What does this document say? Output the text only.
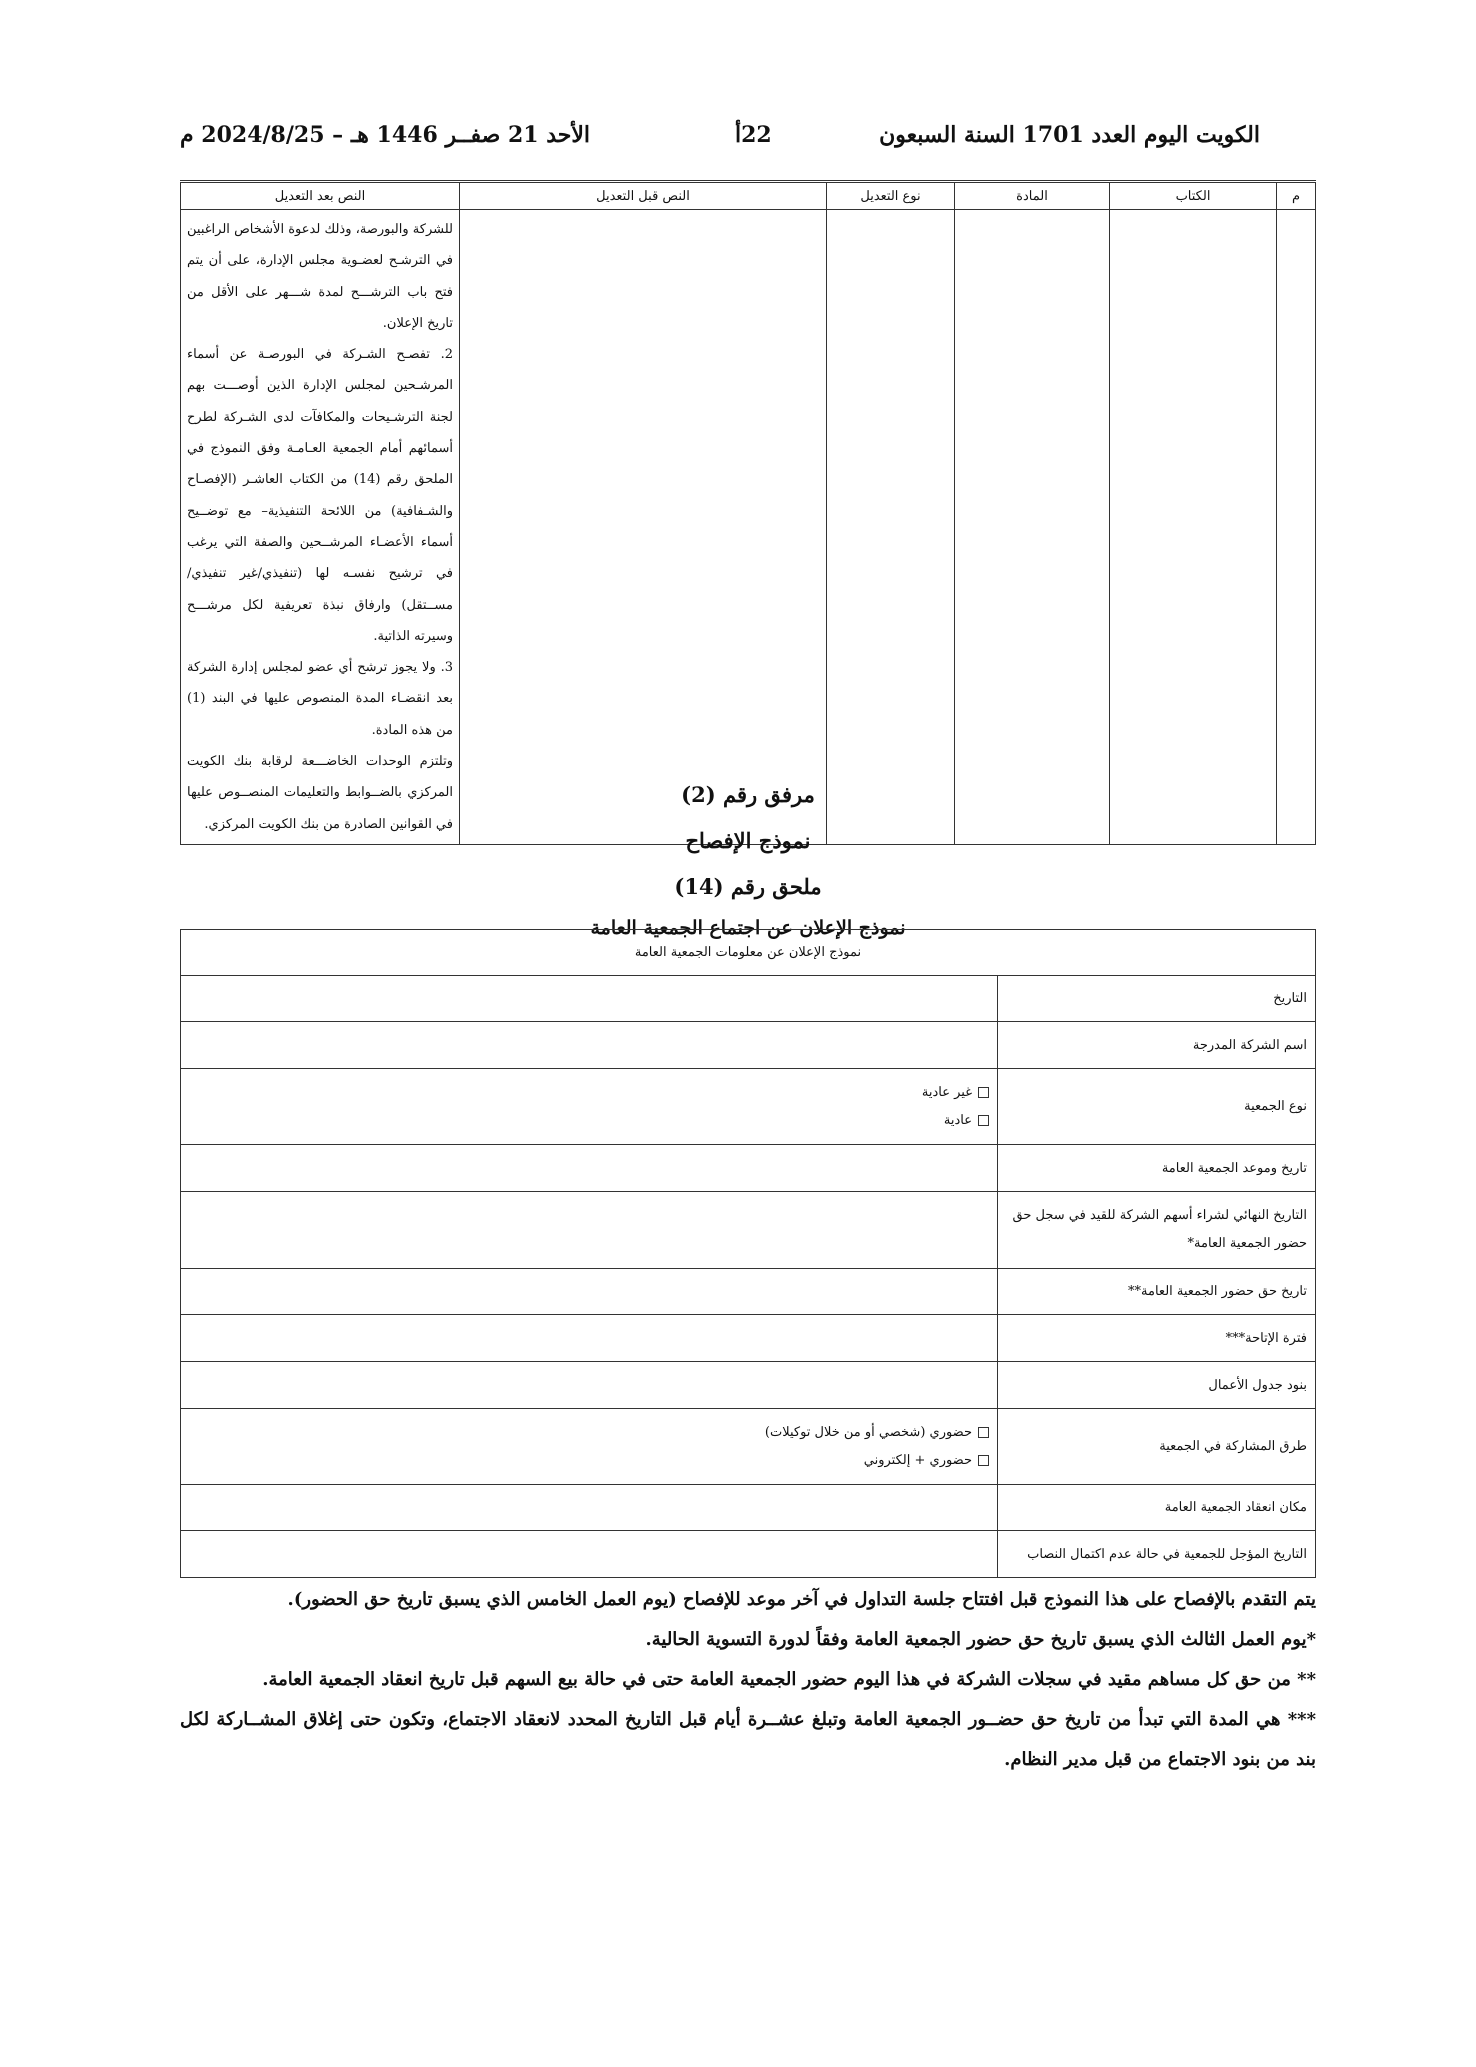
الكويت اليوم العدد 1701 السنة السبعون
22أ
الأحد 21 صفــر 1446 هـ – 2024/8/25 م
م	الكتاب	المادة	نوع التعديل	النص قبل التعديل	النص بعد التعديل

					للشركة والبورصة، وذلك لدعوة الأشخاص الراغبين في الترشـح لعضـوية مجلس الإدارة، على أن يتم فتح باب الترشـــح لمدة شـــهر على الأقل من تاريخ الإعلان.

2. تفصـح الشـركة في البورصـة عن أسماء المرشـحين لمجلس الإدارة الذين أوصـــت بهم لجنة الترشـيحات والمكافآت لدى الشـركة لطرح أسمائهم أمام الجمعية العـامـة وفق النموذج في الملحق رقم (14) من الكتاب العاشـر (الإفصـاح والشـفافية) من اللائحة التنفيذية– مع توضــيح أسماء الأعضـاء المرشــحين والصفة التي يرغب في ترشيح نفسـه لها (تنفيذي/غير تنفيذي/مســتقل) وارفاق نبذة تعريفية لكل مرشـــح وسيرته الذاتية.

3. ولا يجوز ترشح أي عضو لمجلس إدارة الشركة بعد انقضـاء المدة المنصوص عليها في البند (1) من هذه المادة.

وتلتزم الوحدات الخاضـــعة لرقابة بنك الكويت المركزي بالضــوابط والتعليمات المنصــوص عليها في القوانين الصادرة من بنك الكويت المركزي.

مرفق رقم (2)
نموذج الإفصاح
ملحق رقم (14)
نموذج الإعلان عن اجتماع الجمعية العامة
نموذج الإعلان عن معلومات الجمعية العامة	
التاريخ	
اسم الشركة المدرجة	
نوع الجمعية	غير عادية
عادية

تاريخ وموعد الجمعية العامة	
التاريخ النهائي لشراء أسهم الشركة للقيد في سجل حق حضور الجمعية العامة*	
تاريخ حق حضور الجمعية العامة**	
فترة الإتاحة***	
بنود جدول الأعمال	
طرق المشاركة في الجمعية	حضوري (شخصي أو من خلال توكيلات)
حضوري + إلكتروني

مكان انعقاد الجمعية العامة	
التاريخ المؤجل للجمعية في حالة عدم اكتمال النصاب	

يتم التقدم بالإفصاح على هذا النموذج قبل افتتاح جلسة التداول في آخر موعد للإفصاح (يوم العمل الخامس الذي يسبق تاريخ حق الحضور).

*يوم العمل الثالث الذي يسبق تاريخ حق حضور الجمعية العامة وفقاً لدورة التسوية الحالية.

** من حق كل مساهم مقيد في سجلات الشركة في هذا اليوم حضور الجمعية العامة حتى في حالة بيع السهم قبل تاريخ انعقاد الجمعية العامة.

*** هي المدة التي تبدأ من تاريخ حق حضــور الجمعية العامة وتبلغ عشــرة أيام قبل التاريخ المحدد لانعقاد الاجتماع، وتكون حتى إغلاق المشــاركة لكل بند من بنود الاجتماع من قبل مدير النظام.
